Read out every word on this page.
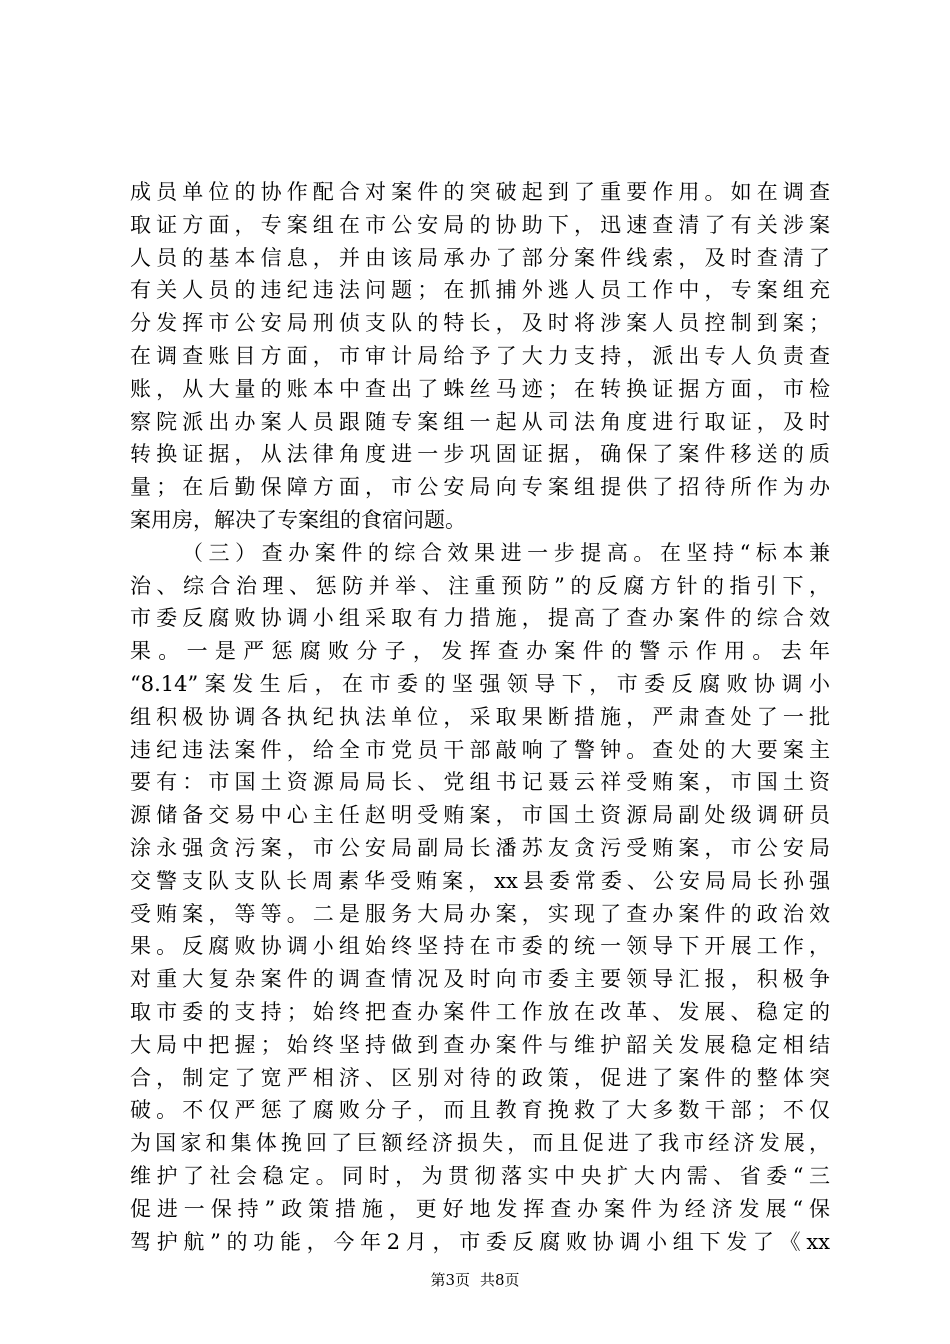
成员单位的协作配合对案件的突破起到了重要作用。如在调查
取证方面，专案组在市公安局的协助下，迅速查清了有关涉案
人员的基本信息，并由该局承办了部分案件线索，及时查清了
有关人员的违纪违法问题；在抓捕外逃人员工作中，专案组充
分发挥市公安局刑侦支队的特长，及时将涉案人员控制到案；
在调查账目方面，市审计局给予了大力支持，派出专人负责查
账，从大量的账本中查出了蛛丝马迹；在转换证据方面，市检
察院派出办案人员跟随专案组一起从司法角度进行取证，及时
转换证据，从法律角度进一步巩固证据，确保了案件移送的质
量；在后勤保障方面，市公安局向专案组提供了招待所作为办
案用房，解决了专案组的食宿问题。
（三）查办案件的综合效果进一步提高。在坚持“标本兼
治、综合治理、惩防并举、注重预防”的反腐方针的指引下，
市委反腐败协调小组采取有力措施，提高了查办案件的综合效
果。一是严惩腐败分子，发挥查办案件的警示作用。去年
“8.14”案发生后，在市委的坚强领导下，市委反腐败协调小
组积极协调各执纪执法单位，采取果断措施，严肃查处了一批
违纪违法案件，给全市党员干部敲响了警钟。查处的大要案主
要有：市国土资源局局长、党组书记聂云祥受贿案，市国土资
源储备交易中心主任赵明受贿案，市国土资源局副处级调研员
涂永强贪污案，市公安局副局长潘苏友贪污受贿案，市公安局
交警支队支队长周素华受贿案，xx县委常委、公安局局长孙强
受贿案，等等。二是服务大局办案，实现了查办案件的政治效
果。反腐败协调小组始终坚持在市委的统一领导下开展工作，
对重大复杂案件的调查情况及时向市委主要领导汇报，积极争
取市委的支持；始终把查办案件工作放在改革、发展、稳定的
大局中把握；始终坚持做到查办案件与维护韶关发展稳定相结
合，制定了宽严相济、区别对待的政策，促进了案件的整体突
破。不仅严惩了腐败分子，而且教育挽救了大多数干部；不仅
为国家和集体挽回了巨额经济损失，而且促进了我市经济发展，
维护了社会稳定。同时，为贯彻落实中央扩大内需、省委“三
促进一保持”政策措施，更好地发挥查办案件为经济发展“保
驾护航”的功能，今年2月，市委反腐败协调小组下发了《xx
第3页 共8页
